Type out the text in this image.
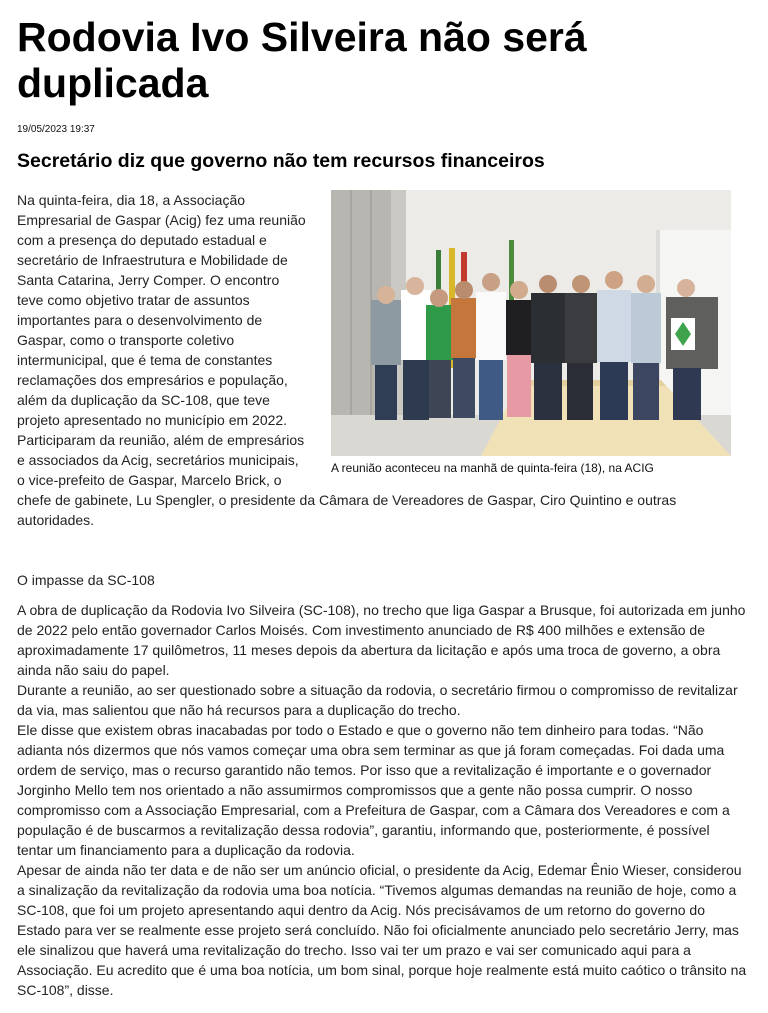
Rodovia Ivo Silveira não será duplicada
19/05/2023 19:37
Secretário diz que governo não tem recursos financeiros
A reunião aconteceu na manhã de quinta-feira (18), na ACIG

Na quinta-feira, dia 18, a Associação Empresarial de Gaspar (Acig) fez uma reunião com a presença do deputado estadual e secretário de Infraestrutura e Mobilidade de Santa Catarina, Jerry Comper. O encontro teve como objetivo tratar de assuntos importantes para o desenvolvimento de Gaspar, como o transporte coletivo intermunicipal, que é tema de constantes reclamações dos empresários e população, além da duplicação da SC-108, que teve projeto apresentado no município em 2022.

Participaram da reunião, além de empresários e associados da Acig, secretários municipais, o vice-prefeito de Gaspar, Marcelo Brick, o chefe de gabinete, Lu Spengler, o presidente da Câmara de Vereadores de Gaspar, Ciro Quintino e outras autoridades.

O impasse da SC-108

A obra de duplicação da Rodovia Ivo Silveira (SC-108), no trecho que liga Gaspar a Brusque, foi autorizada em junho de 2022 pelo então governador Carlos Moisés. Com investimento anunciado de R$ 400 milhões e extensão de aproximadamente 17 quilômetros, 11 meses depois da abertura da licitação e após uma troca de governo, a obra ainda não saiu do papel.

Durante a reunião, ao ser questionado sobre a situação da rodovia, o secretário firmou o compromisso de revitalizar da via, mas salientou que não há recursos para a duplicação do trecho.

Ele disse que existem obras inacabadas por todo o Estado e que o governo não tem dinheiro para todas. “Não adianta nós dizermos que nós vamos começar uma obra sem terminar as que já foram começadas. Foi dada uma ordem de serviço, mas o recurso garantido não temos. Por isso que a revitalização é importante e o governador Jorginho Mello tem nos orientado a não assumirmos compromissos que a gente não possa cumprir. O nosso compromisso com a Associação Empresarial, com a Prefeitura de Gaspar, com a Câmara dos Vereadores e com a população é de buscarmos a revitalização dessa rodovia”, garantiu, informando que, posteriormente, é possível tentar um financiamento para a duplicação da rodovia.

Apesar de ainda não ter data e de não ser um anúncio oficial, o presidente da Acig, Edemar Ênio Wieser, considerou a sinalização da revitalização da rodovia uma boa notícia. “Tivemos algumas demandas na reunião de hoje, como a SC-108, que foi um projeto apresentando aqui dentro da Acig. Nós precisávamos de um retorno do governo do Estado para ver se realmente esse projeto será concluído. Não foi oficialmente anunciado pelo secretário Jerry, mas ele sinalizou que haverá uma revitalização do trecho. Isso vai ter um prazo e vai ser comunicado aqui para a Associação. Eu acredito que é uma boa notícia, um bom sinal, porque hoje realmente está muito caótico o trânsito na SC-108”, disse.
